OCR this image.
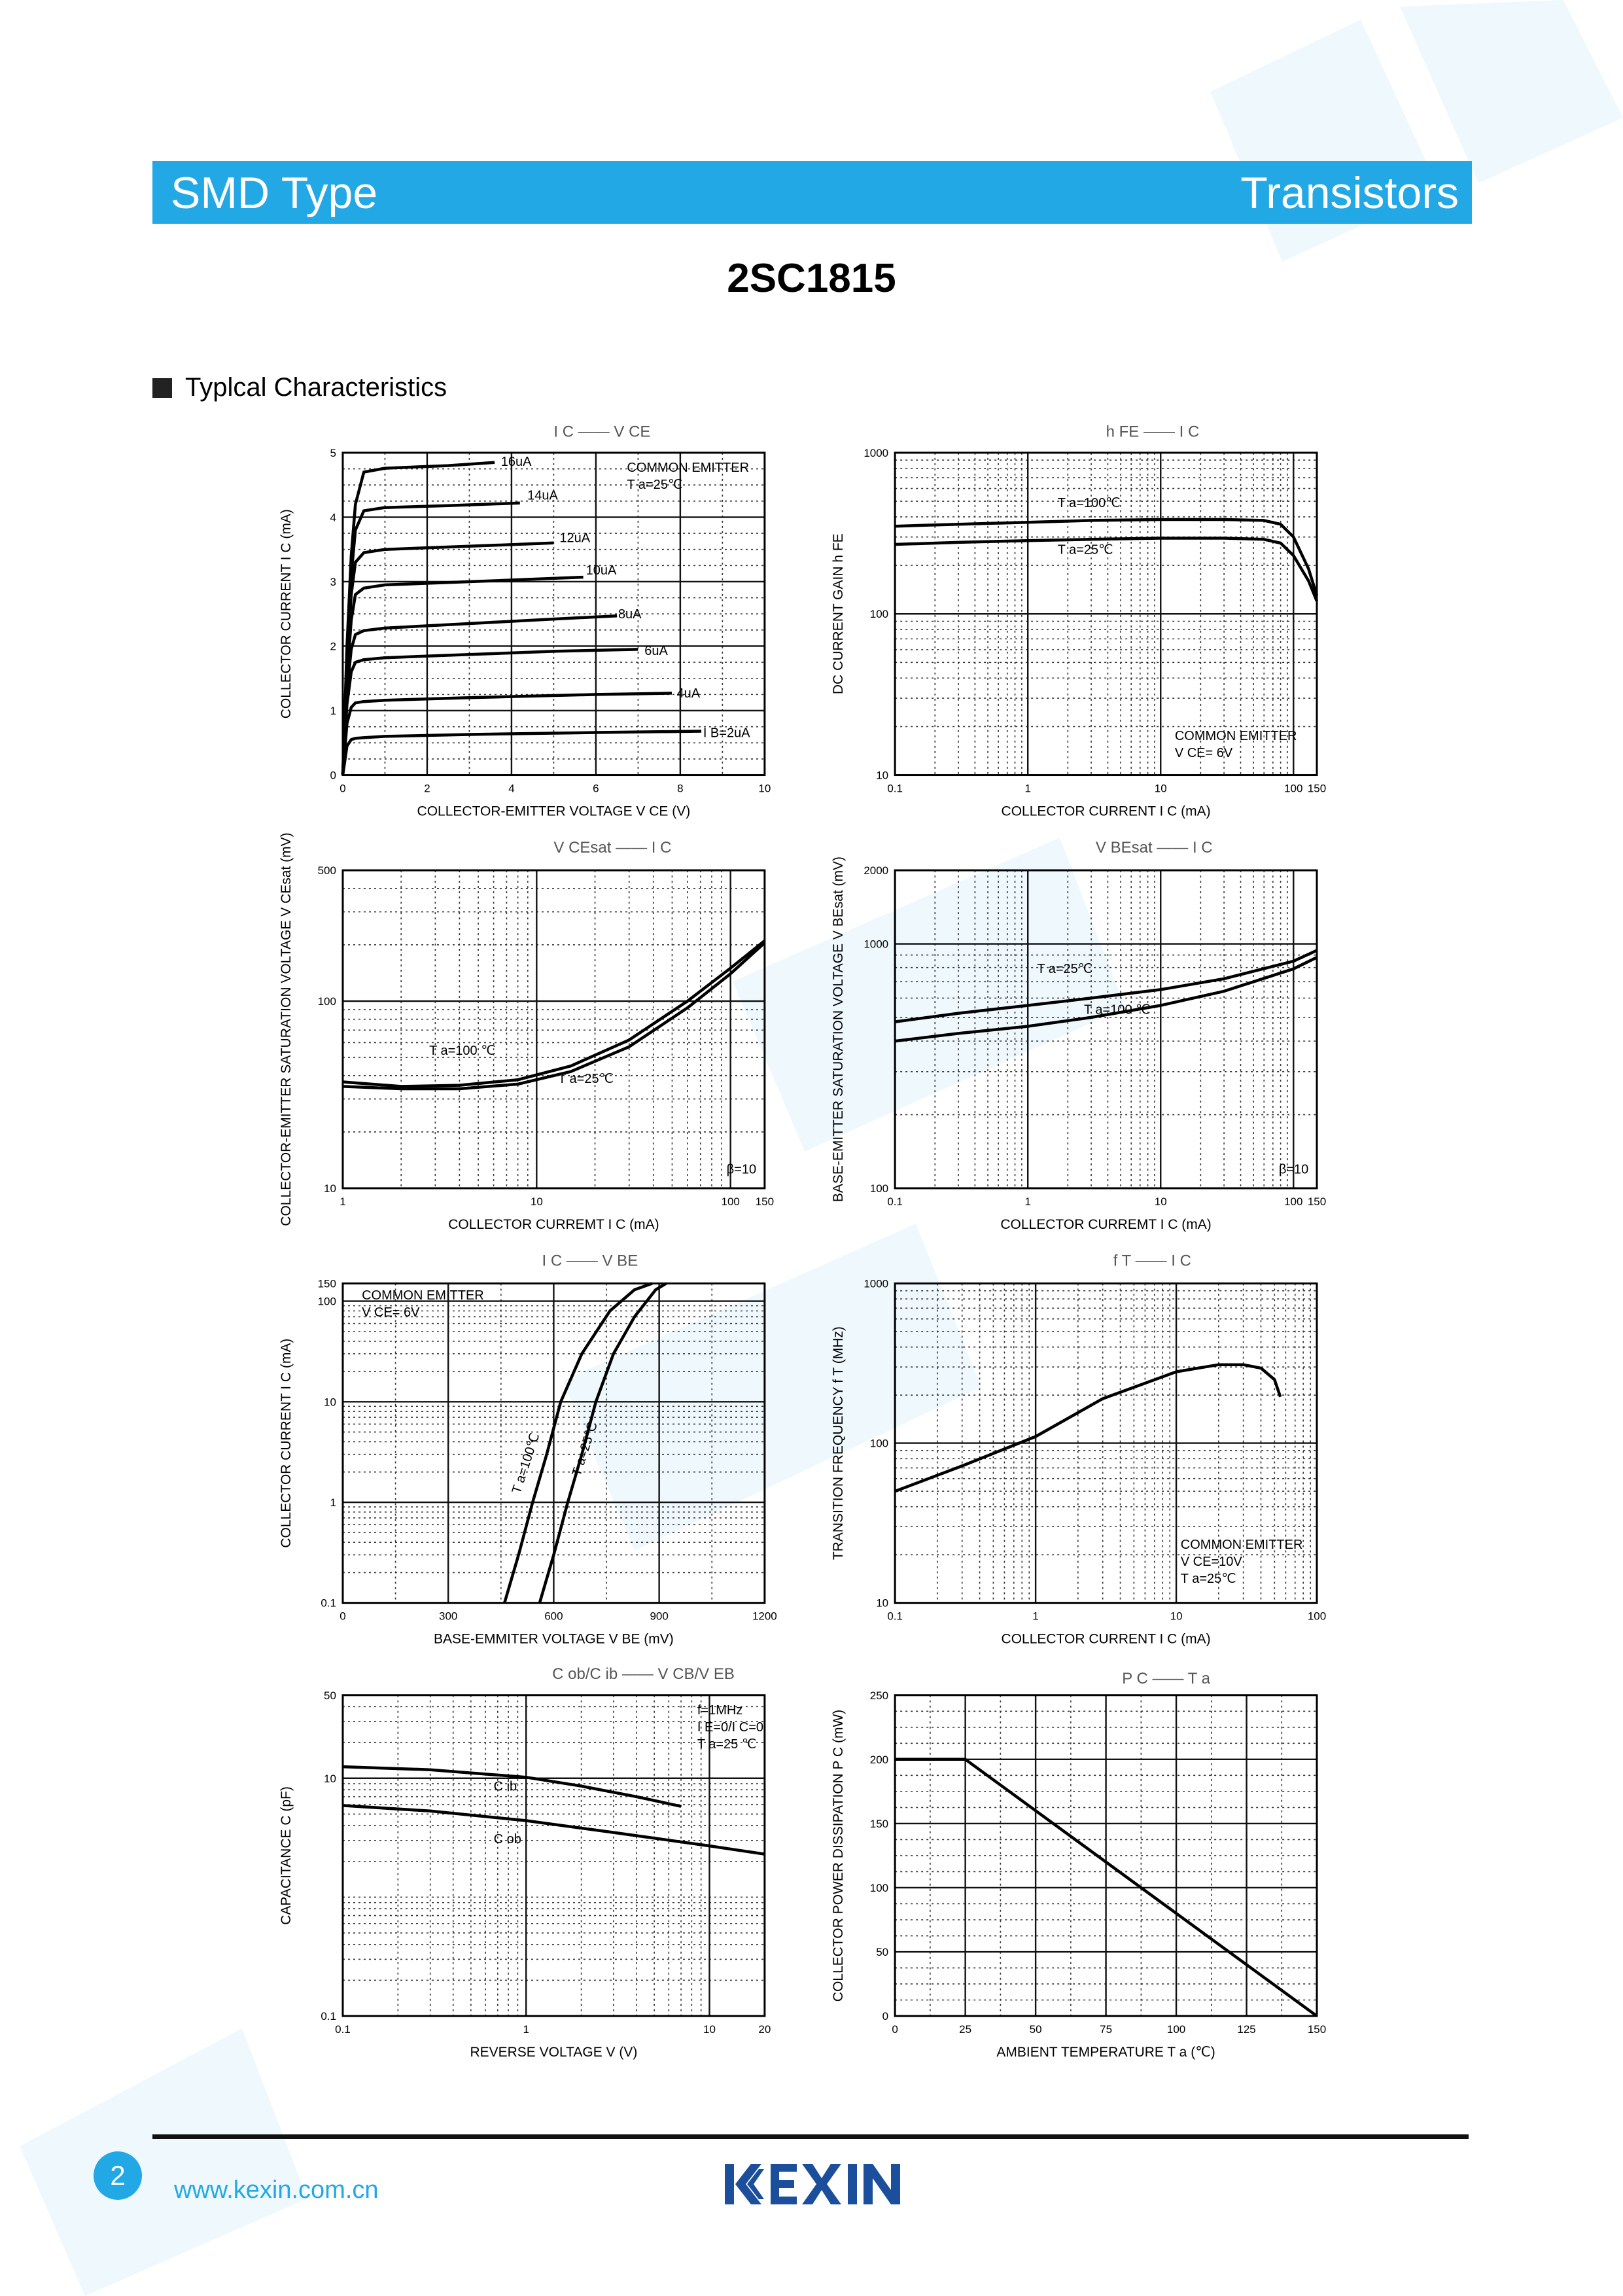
SMD Type	Transistors
2SC1815
Typlcal Characteristics
0	2	4	6	8	10
0
1
2
3
4
5
COLLECTOR-EMITTER VOLTAGE V CE (V)
COLLECTOR CURRENT I C (mA)
I C —— V CE
COMMON EMITTER
T a=25℃
I B=2uA
4uA
6uA
8uA
10uA
12uA
14uA
16uA
0.1	1	10	100 150
10
100
1000
COLLECTOR CURRENT I C (mA)
DC CURRENT GAIN h FE
h FE —— I C
COMMON EMITTER
V CE= 6V
T a=100℃
T a=25℃
1	10	100 150
10
100
500
COLLECTOR CURREMT I C (mA)
COLLECTOR-EMITTER SATURATION VOLTAGE V CEsat (mV)	V CEsat —— I C
β=10
T a=100 ℃
T a=25℃
0.1	1	10	100 150
100
1000
2000
COLLECTOR CURREMT I C (mA)
BASE-EMITTER SATURATION VOLTAGE V BEsat (mV)
V BEsat —— I C
β=10
T a=25℃
T a=100 ℃
0	300	600	900	1200
0.1
1
10
100
150
BASE-EMMITER VOLTAGE V BE (mV)
COLLECTOR CURRENT I C (mA)
I C —— V BE
COMMON EMITTER
V CE= 6V
T a=100℃ T a=25℃
0.1	1	10	100
10
100
1000
COLLECTOR CURRENT I C (mA)
TRANSITION FREQUENCY f T (MHz)
f T —— I C
COMMON EMITTER
V CE=10V
T a=25℃
0.1	1	10	20
0.1
10
50
REVERSE VOLTAGE V (V)
CAPACITANCE C (pF)
C ob/C ib —— V CB/V EB
f=1MHz
I E=0/I C=0
T a=25 ℃
C ib
C ob
0	25	50	75	100	125	150
0
50
100
150
200
250
AMBIENT TEMPERATURE T a (℃)
COLLECTOR POWER DISSIPATION P C (mW)
P C —— T a
2	www.kexin.com.cn
